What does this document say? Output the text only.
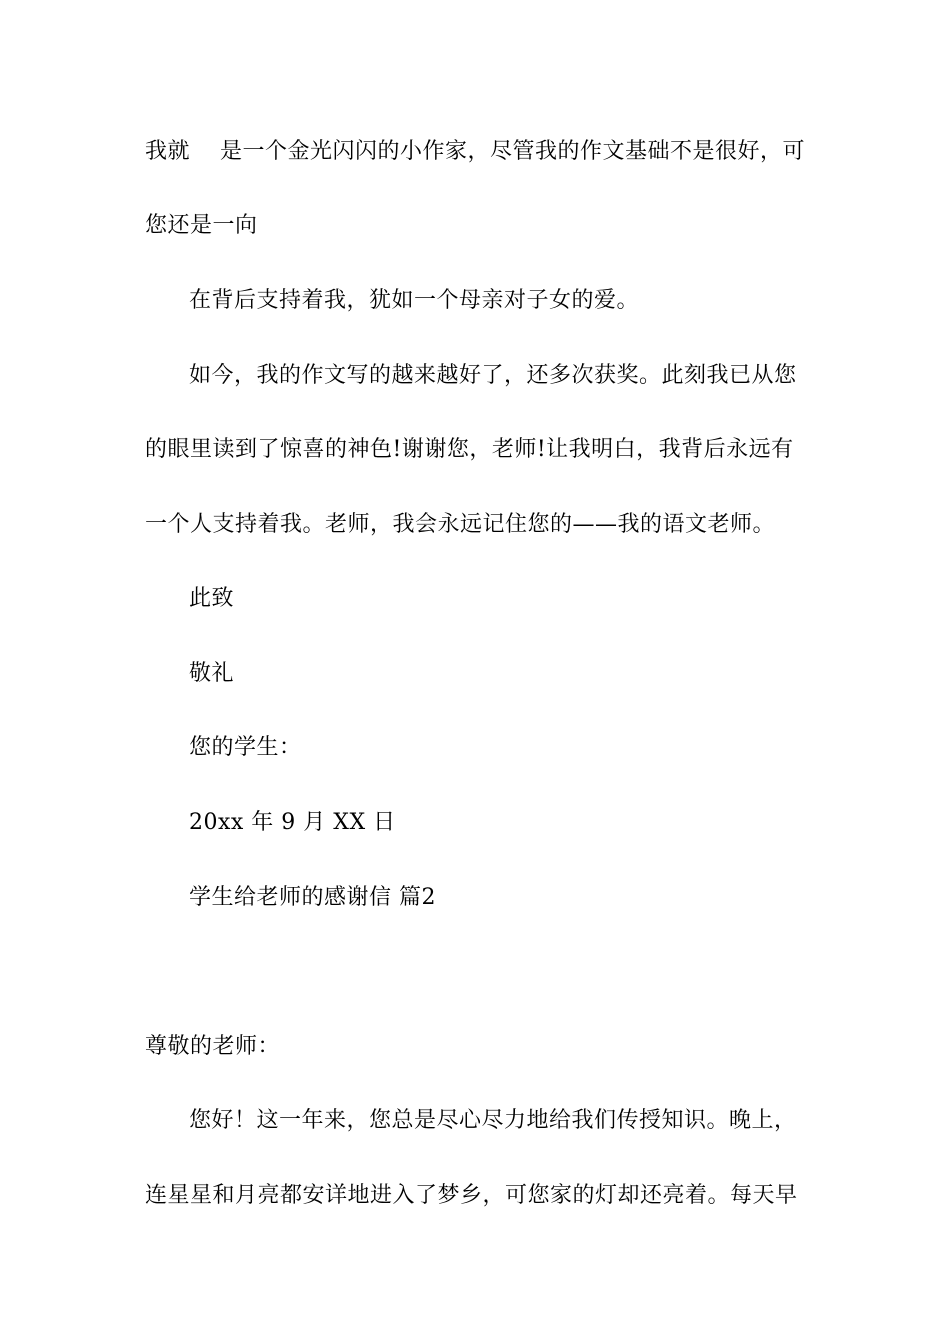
我就　 是一个金光闪闪的小作家，尽管我的作文基础不是很好，可
您还是一向
在背后支持着我，犹如一个母亲对子女的爱。
如今，我的作文写的越来越好了，还多次获奖。此刻我已从您
的眼里读到了惊喜的神色!谢谢您，老师!让我明白，我背后永远有
一个人支持着我。老师，我会永远记住您的——我的语文老师。
此致
敬礼
您的学生：
20xx 年 9 月 XX 日
学生给老师的感谢信 篇2
尊敬的老师：
您好！这一年来，您总是尽心尽力地给我们传授知识。晚上，
连星星和月亮都安详地进入了梦乡，可您家的灯却还亮着。每天早
